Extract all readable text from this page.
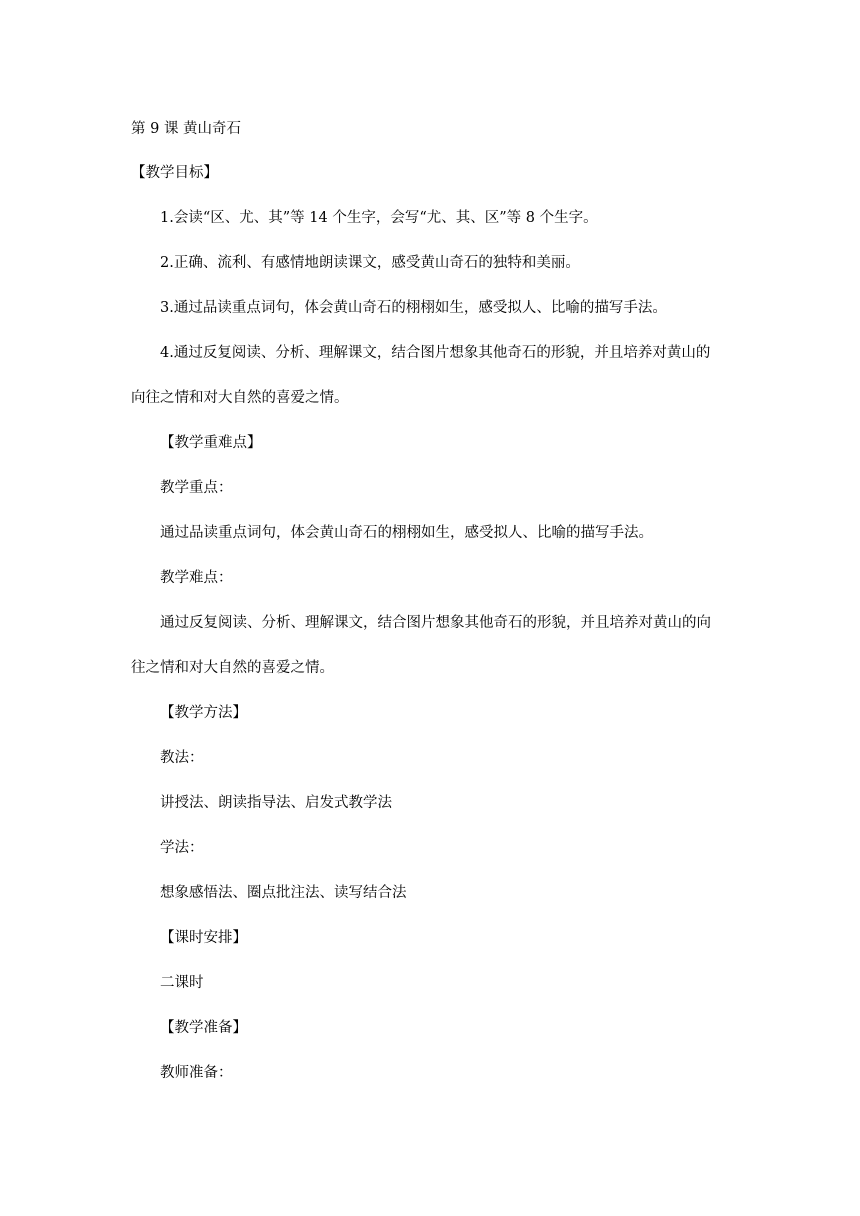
第 9 课 黄山奇石
【教学目标】
1.会读“区、尤、其”等 14 个生字，会写“尤、其、区”等 8 个生字。
2.正确、流利、有感情地朗读课文，感受黄山奇石的独特和美丽。
3.通过品读重点词句，体会黄山奇石的栩栩如生，感受拟人、比喻的描写手法。
4.通过反复阅读、分析、理解课文，结合图片想象其他奇石的形貌，并且培养对黄山的
向往之情和对大自然的喜爱之情。
【教学重难点】
教学重点：
通过品读重点词句，体会黄山奇石的栩栩如生，感受拟人、比喻的描写手法。
教学难点：
通过反复阅读、分析、理解课文，结合图片想象其他奇石的形貌，并且培养对黄山的向
往之情和对大自然的喜爱之情。
【教学方法】
教法：
讲授法、朗读指导法、启发式教学法
学法：
想象感悟法、圈点批注法、读写结合法
【课时安排】
二课时
【教学准备】
教师准备：
